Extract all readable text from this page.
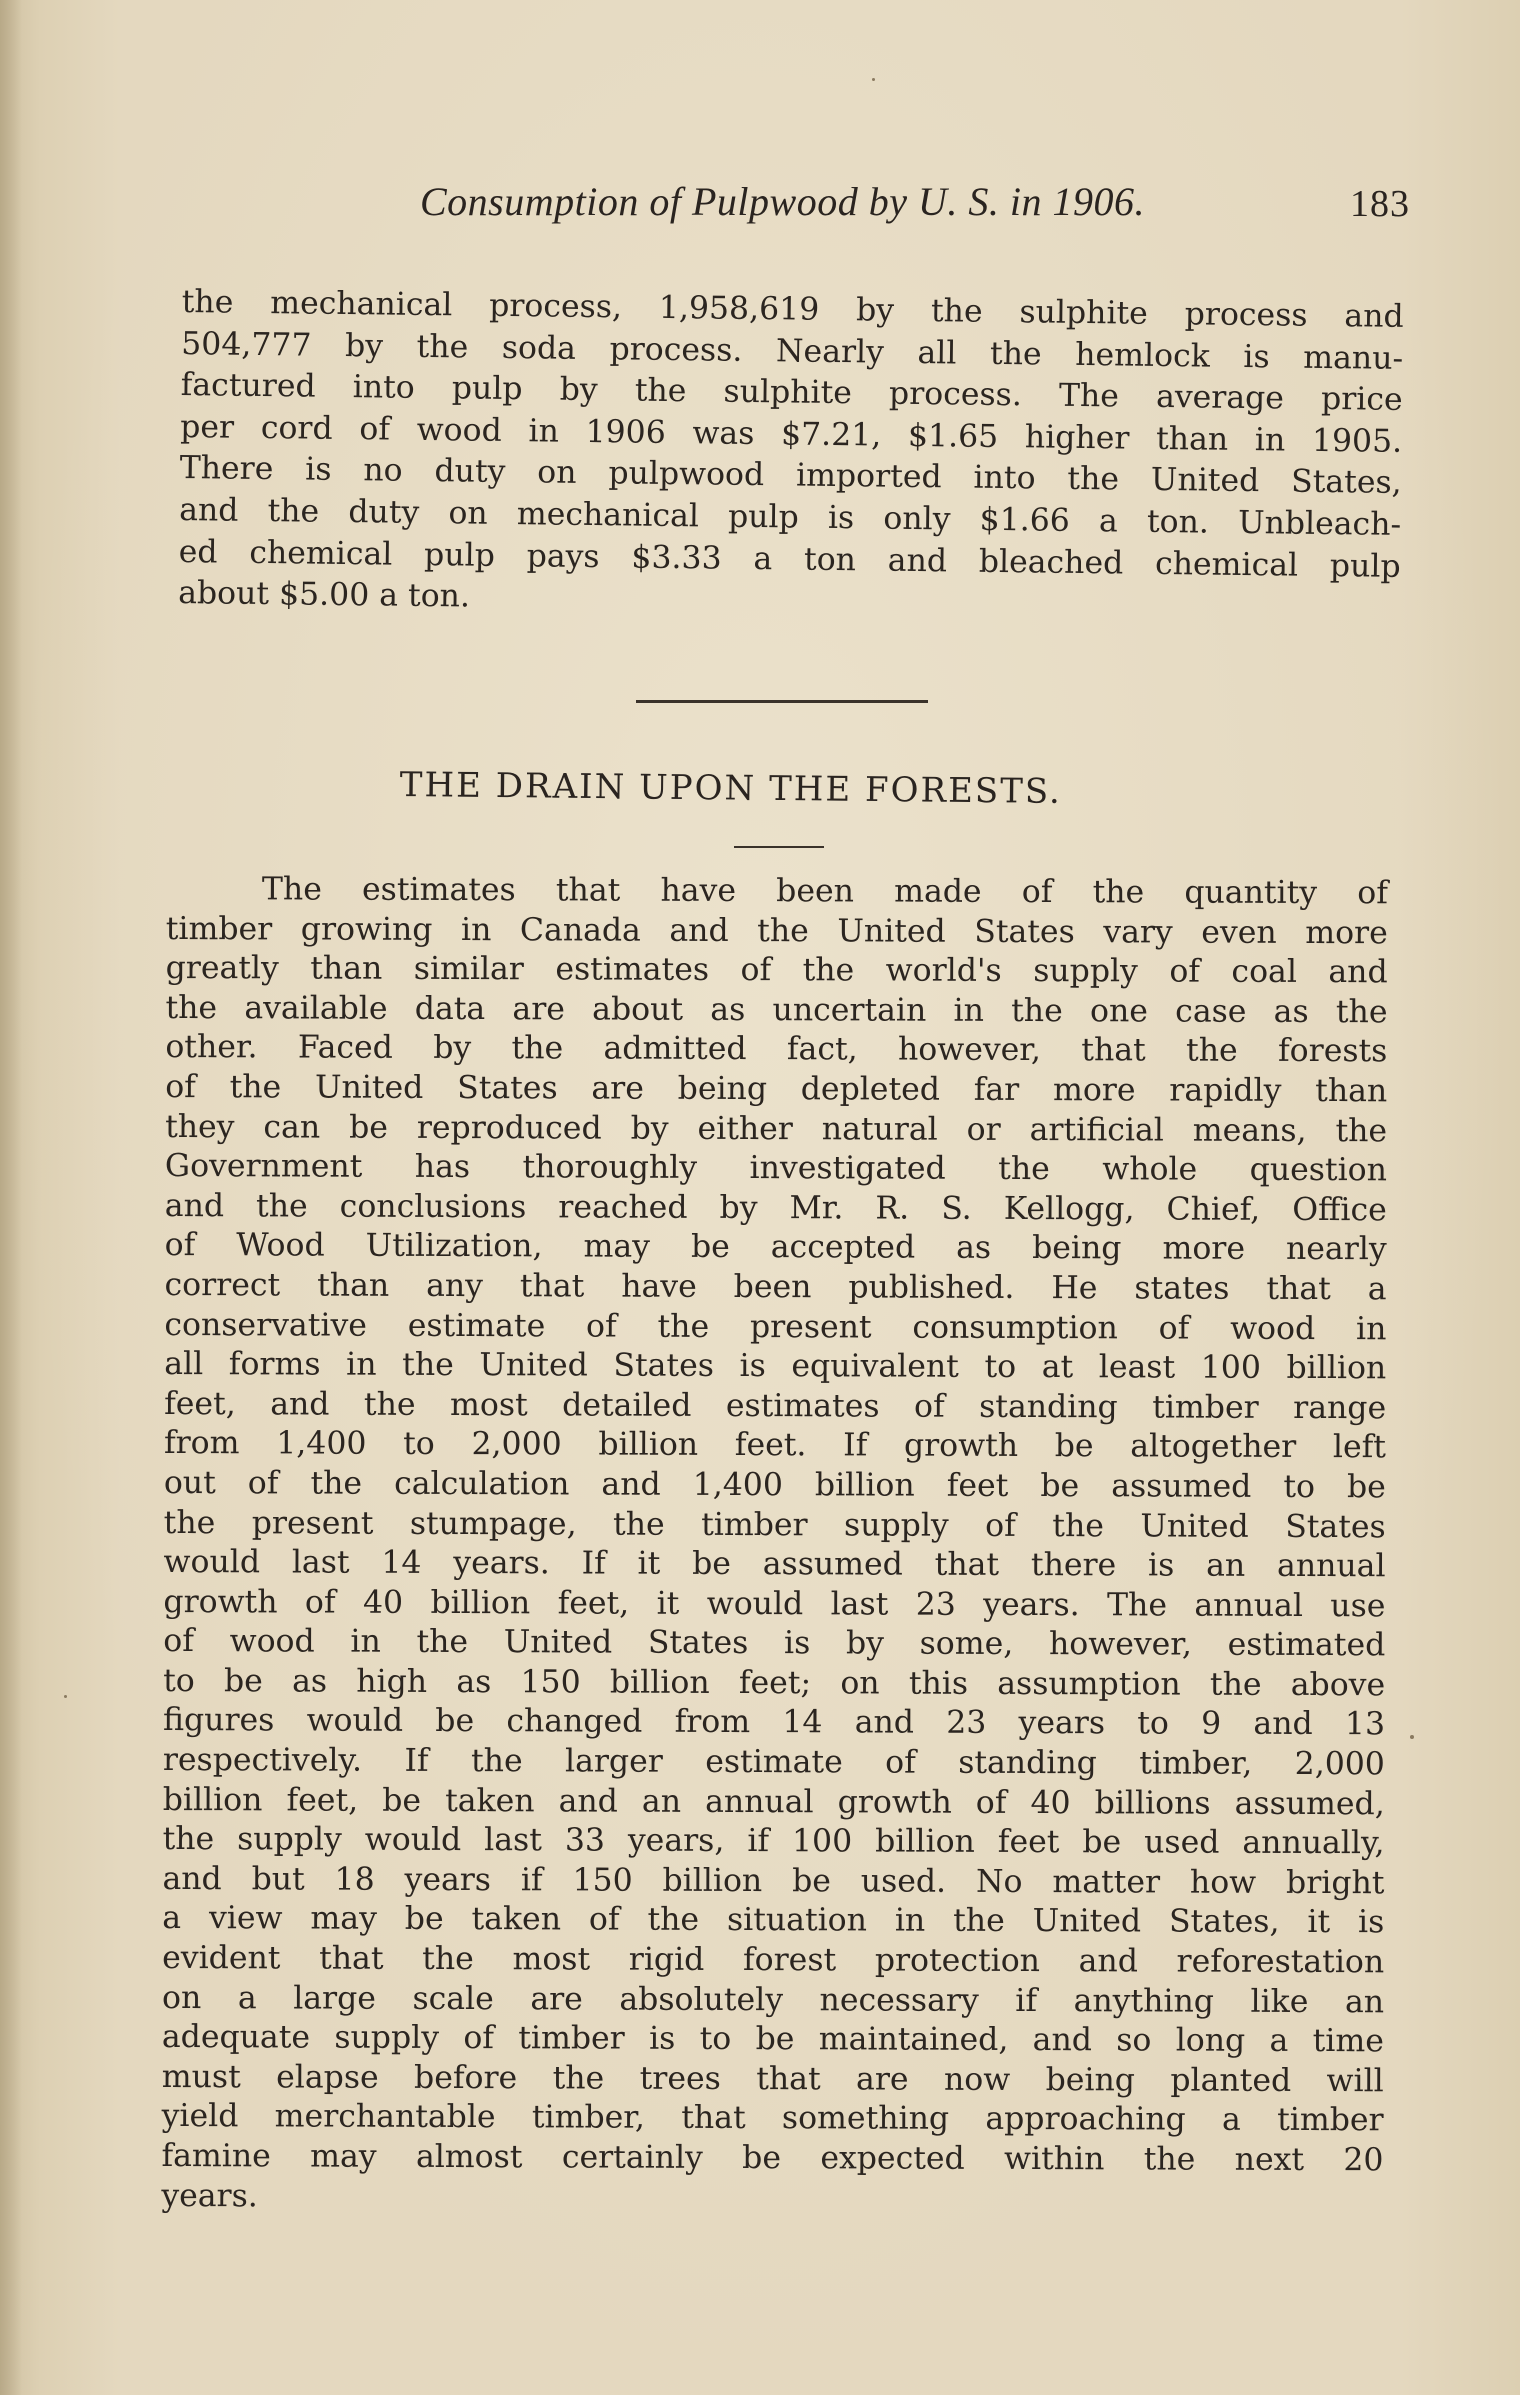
Consumption of Pulpwood by U. S. in 1906.	183
the mechanical process, 1,958,619 by the sulphite process and
504,777 by the soda process. Nearly all the hemlock is manu-
factured into pulp by the sulphite process. The average price
per cord of wood in 1906 was $7.21, $1.65 higher than in 1905.
There is no duty on pulpwood imported into the United States,
and the duty on mechanical pulp is only $1.66 a ton. Unbleach-
ed chemical pulp pays $3.33 a ton and bleached chemical pulp
about $5.00 a ton.
THE DRAIN UPON THE FORESTS.
The estimates that have been made of the quantity of
timber growing in Canada and the United States vary even more
greatly than similar estimates of the world's supply of coal and
the available data are about as uncertain in the one case as the
other. Faced by the admitted fact, however, that the forests
of the United States are being depleted far more rapidly than
they can be reproduced by either natural or artificial means, the
Government has thoroughly investigated the whole question
and the conclusions reached by Mr. R. S. Kellogg, Chief, Office
of Wood Utilization, may be accepted as being more nearly
correct than any that have been published. He states that a
conservative estimate of the present consumption of wood in
all forms in the United States is equivalent to at least 100 billion
feet, and the most detailed estimates of standing timber range
from 1,400 to 2,000 billion feet. If growth be altogether left
out of the calculation and 1,400 billion feet be assumed to be
the present stumpage, the timber supply of the United States
would last 14 years. If it be assumed that there is an annual
growth of 40 billion feet, it would last 23 years. The annual use
of wood in the United States is by some, however, estimated
to be as high as 150 billion feet; on this assumption the above
figures would be changed from 14 and 23 years to 9 and 13
respectively. If the larger estimate of standing timber, 2,000
billion feet, be taken and an annual growth of 40 billions assumed,
the supply would last 33 years, if 100 billion feet be used annually,
and but 18 years if 150 billion be used. No matter how bright
a view may be taken of the situation in the United States, it is
evident that the most rigid forest protection and reforestation
on a large scale are absolutely necessary if anything like an
adequate supply of timber is to be maintained, and so long a time
must elapse before the trees that are now being planted will
yield merchantable timber, that something approaching a timber
famine may almost certainly be expected within the next 20
years.
